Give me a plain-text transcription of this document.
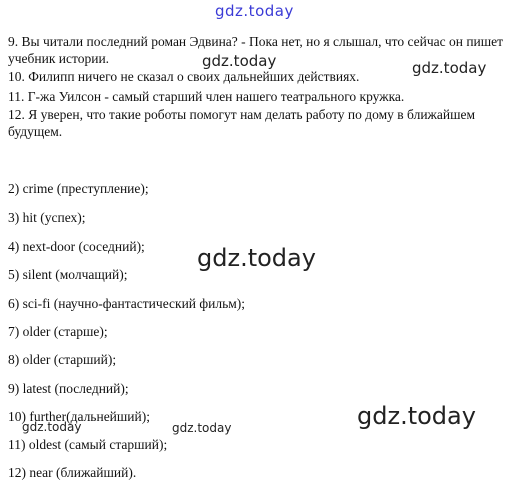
gdz.today
9. Вы читали последний роман Эдвина? - Пока нет, но я слышал, что сейчас он пишет учебник истории.
10. Филипп ничего не сказал о своих дальнейших действиях.
11. Г-жа Уилсон - самый старший член нашего театрального кружка.
12. Я уверен, что такие роботы помогут нам делать работу по дому в ближайшем будущем.
2) crime (преступление);
3) hit (успех);
4) next-door (соседний);
5) silent (молчащий);
6) sci-fi (научно-фантастический фильм);
7) older (старше);
8) older (старший);
9) latest (последний);
10) further(дальнейший);
11) oldest (самый старший);
12) near (ближайший).
gdz.today	gdz.today
gdz.today
gdz.today
gdz.today	gdz.today
